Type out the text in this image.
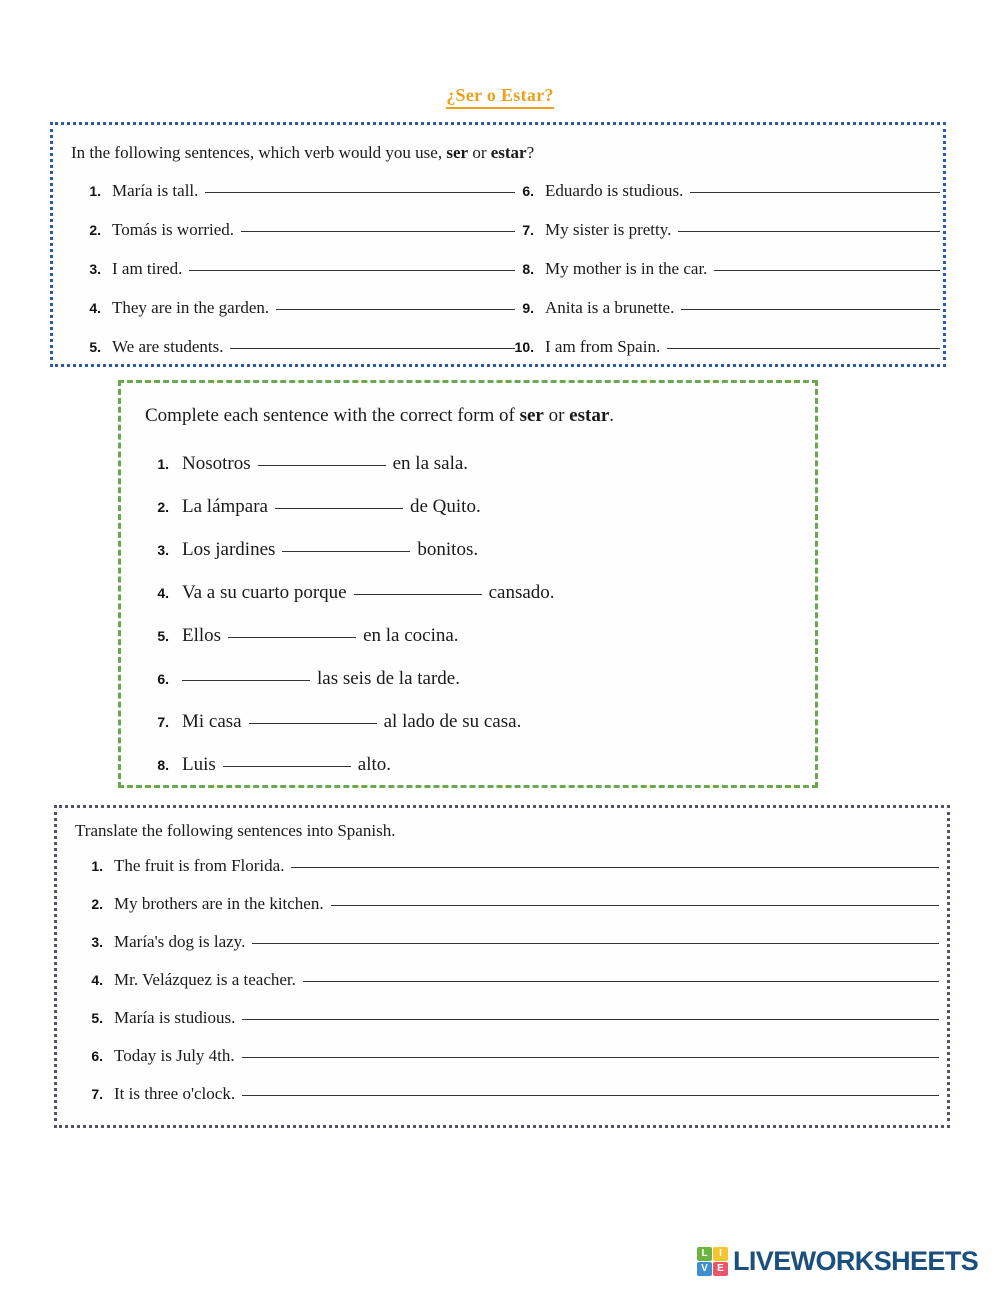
¿Ser o Estar?
In the following sentences, which verb would you use, ser or estar?
1. María is tall.
2. Tomás is worried.
3. I am tired.
4. They are in the garden.
5. We are students.
6. Eduardo is studious.
7. My sister is pretty.
8. My mother is in the car.
9. Anita is a brunette.
10. I am from Spain.
Complete each sentence with the correct form of ser or estar.
1. Nosotros	en la sala.
2. La lámpara	de Quito.
3. Los jardines	bonitos.
4. Va a su cuarto porque	cansado.
5. Ellos	en la cocina.
6.	las seis de la tarde.
7. Mi casa	al lado de su casa.
8. Luis	alto.
Translate the following sentences into Spanish.
1. The fruit is from Florida.
2. My brothers are in the kitchen.
3. María's dog is lazy.
4. Mr. Velázquez is a teacher.
5. María is studious.
6. Today is July 4th.
7. It is three o'clock.
L	I
V E LIVEWORKSHEETS
